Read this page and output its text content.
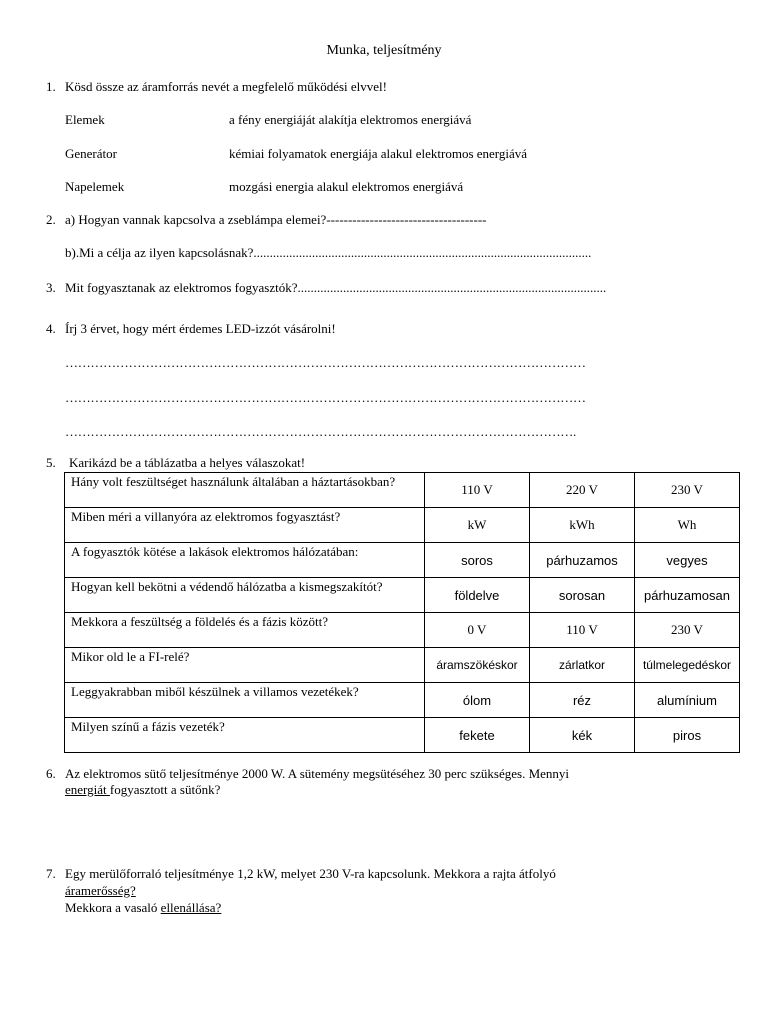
Munka, teljesítmény
1. Kösd össze az áramforrás nevét a megfelelő működési elvvel!
Elemek	a fény energiáját alakítja elektromos energiává
Generátor	kémiai folyamatok energiája alakul elektromos energiává
Napelemek	mozgási energia alakul elektromos energiává
2. a) Hogyan vannak kapcsolva a zseblámpa elemei?-------------------------------------
b).Mi a célja az ilyen kapcsolásnak?........................................................................................................
3. Mit fogyasztanak az elektromos fogyasztók?...............................................................................................
4. Írj 3 érvet, hogy mért érdemes LED-izzót vásárolni!
……………………………………………………………………………………………………………
……………………………………………………………………………………………………………
………………………………………………………………………………………………………….
5. Karikázd be a táblázatba a helyes válaszokat!
Hány volt feszültséget használunk általában a háztartásokban?	110 V	220 V	230 V
Miben méri a villanyóra az elektromos fogyasztást?	kW	kWh	Wh
A fogyasztók kötése a lakások elektromos hálózatában:	soros	párhuzamos	vegyes
Hogyan kell bekötni a védendő hálózatba a kismegszakítót?	földelve	sorosan	párhuzamosan
Mekkora a feszültség a földelés és a fázis között?	0 V	110 V	230 V
Mikor old le a FI-relé?	áramszökéskor	zárlatkor	túlmelegedéskor
Leggyakrabban miből készülnek a villamos vezetékek?	ólom	réz	alumínium
Milyen színű a fázis vezeték?	fekete	kék	piros
6. Az elektromos sütő teljesítménye 2000 W. A sütemény megsütéséhez 30 perc szükséges. Mennyi
energiát fogyasztott a sütőnk?
7. Egy merülőforraló teljesítménye 1,2 kW, melyet 230 V-ra kapcsolunk. Mekkora a rajta átfolyó
áramerősség?
Mekkora a vasaló ellenállása?
